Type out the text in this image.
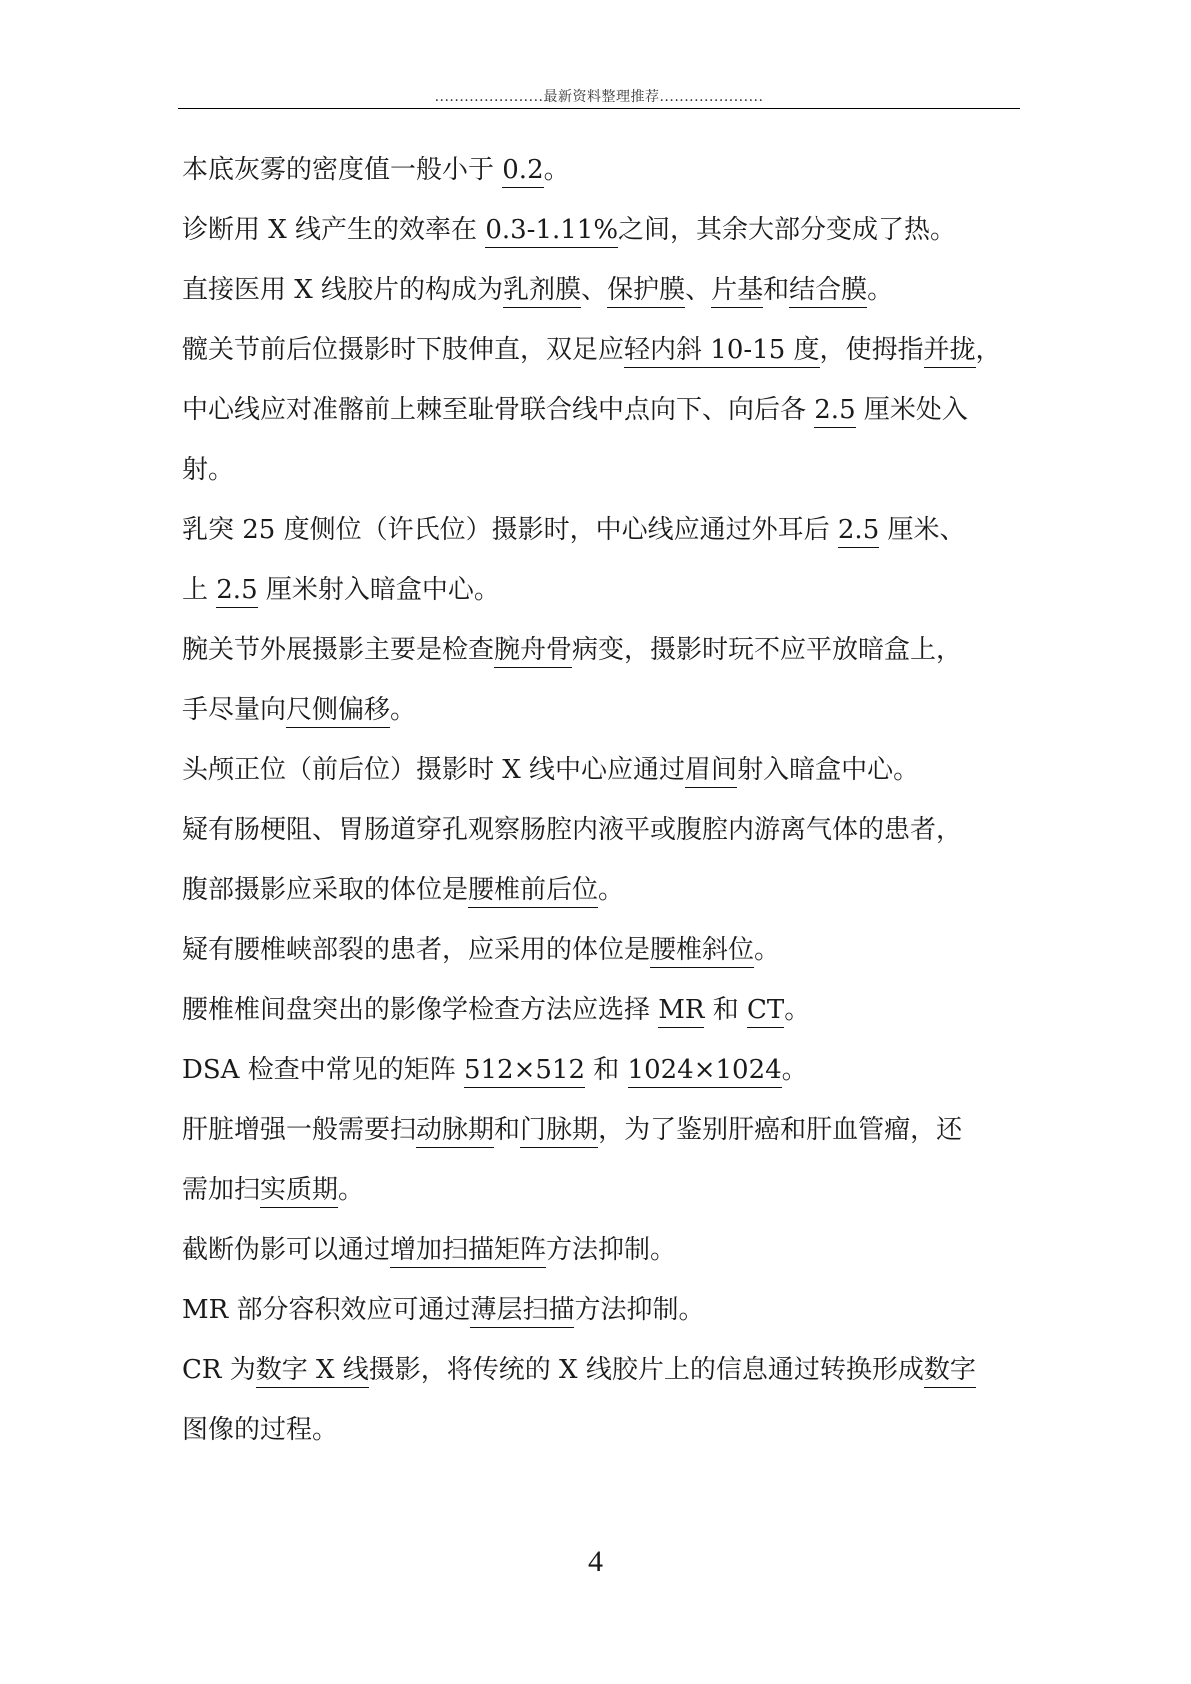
......................最新资料整理推荐.....................
本底灰雾的密度值一般小于 0.2。
诊断用 X 线产生的效率在 0.3-1.11%之间，其余大部分变成了热。
直接医用 X 线胶片的构成为乳剂膜、保护膜、片基和结合膜。
髋关节前后位摄影时下肢伸直，双足应轻内斜 10-15 度，使拇指并拢，
中心线应对准髂前上棘至耻骨联合线中点向下、向后各 2.5 厘米处入
射。
乳突 25 度侧位（许氏位）摄影时，中心线应通过外耳后 2.5 厘米、
上 2.5 厘米射入暗盒中心。
腕关节外展摄影主要是检查腕舟骨病变，摄影时玩不应平放暗盒上，
手尽量向尺侧偏移。
头颅正位（前后位）摄影时 X 线中心应通过眉间射入暗盒中心。
疑有肠梗阻、胃肠道穿孔观察肠腔内液平或腹腔内游离气体的患者，
腹部摄影应采取的体位是腰椎前后位。
疑有腰椎峡部裂的患者，应采用的体位是腰椎斜位。
腰椎椎间盘突出的影像学检查方法应选择 MR 和 CT。
DSA 检查中常见的矩阵 512×512 和 1024×1024。
肝脏增强一般需要扫动脉期和门脉期，为了鉴别肝癌和肝血管瘤，还
需加扫实质期。
截断伪影可以通过增加扫描矩阵方法抑制。
MR 部分容积效应可通过薄层扫描方法抑制。
CR 为数字 X 线摄影，将传统的 X 线胶片上的信息通过转换形成数字
图像的过程。
4
